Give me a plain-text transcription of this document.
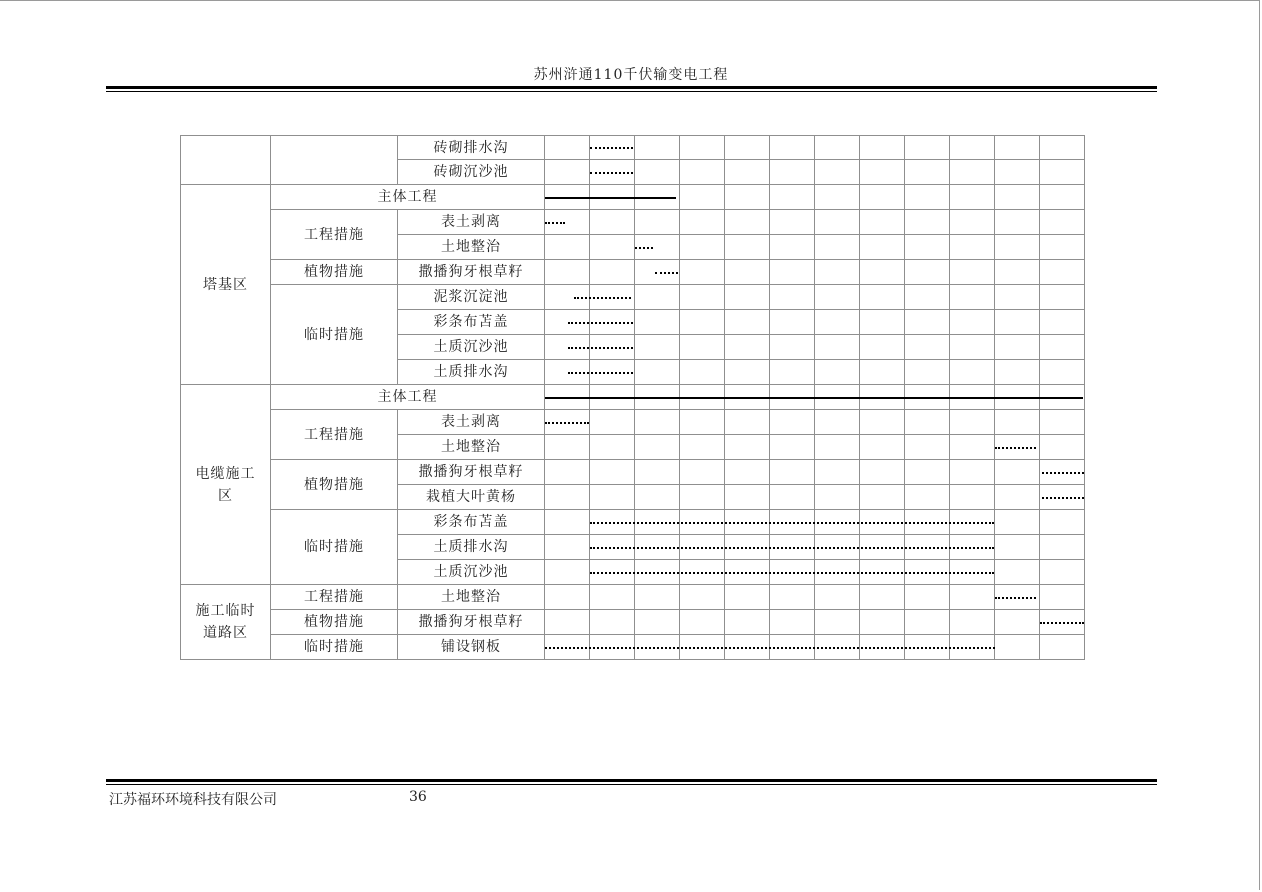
苏州浒通110千伏输变电工程
塔基区
电缆施工区
施工临时道路区
工程措施
植物措施
临时措施
工程措施
植物措施
临时措施
工程措施
植物措施
临时措施
砖砌排水沟
砖砌沉沙池
主体工程
表土剥离
土地整治
撒播狗牙根草籽
泥浆沉淀池
彩条布苫盖
土质沉沙池
土质排水沟
主体工程
表土剥离
土地整治
撒播狗牙根草籽
栽植大叶黄杨
彩条布苫盖
土质排水沟
土质沉沙池
土地整治
撒播狗牙根草籽
铺设钢板
江苏福环环境科技有限公司	36
